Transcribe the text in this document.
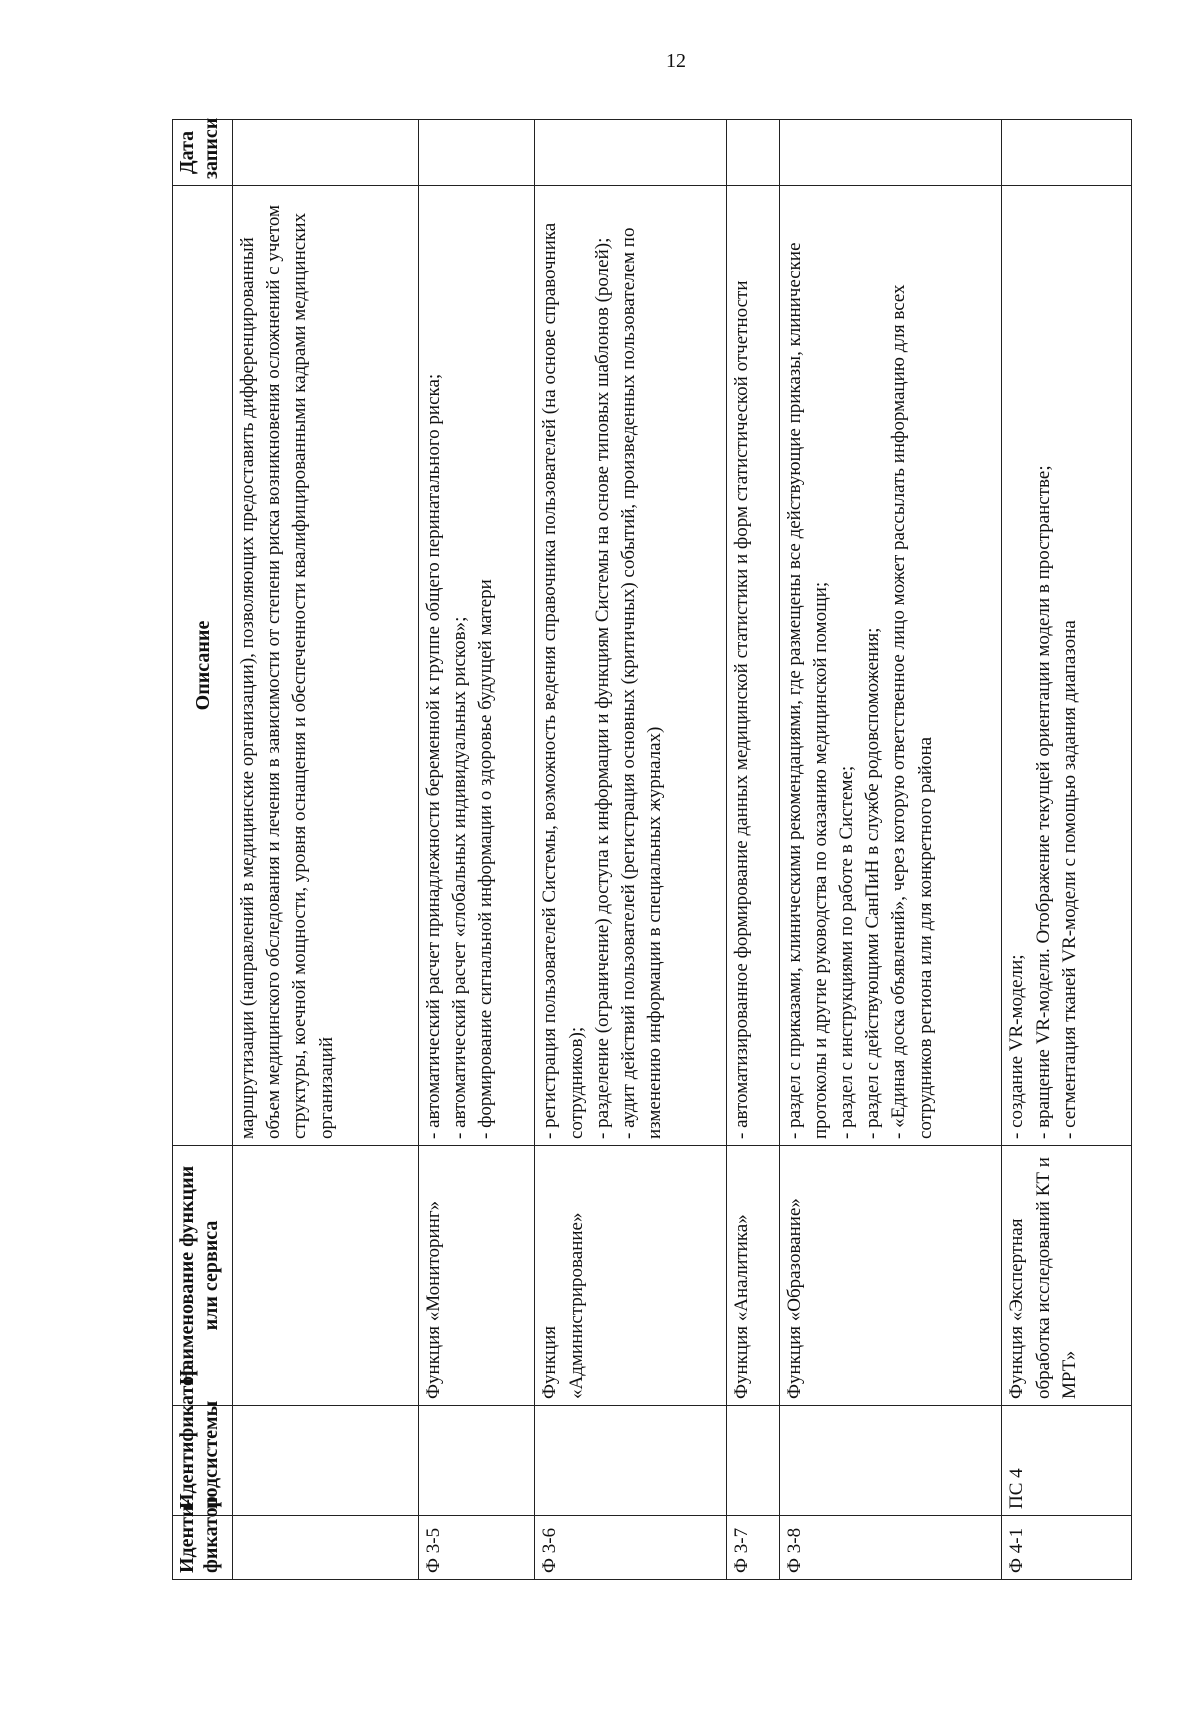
12
Иденти-фикатор	Идентификатор подсистемы	Наименование функции или сервиса	Описание	Дата записи

			маршрутизации (направлений в медицинские организации), позволяющих предоставить дифференцированный объем медицинского обследования и лечения в зависимости от степени риска возникновения осложнений с учетом структуры, коечной мощности, уровня оснащения и обеспеченности квалифицированными кадрами медицинских организаций	

Ф 3-5		Функция «Мониторинг»	- автоматический расчет принадлежности беременной к группе общего перинатального риска; - автоматический расчет «глобальных индивидуальных рисков»; - формирование сигнальной информации о здоровье будущей матери	

Ф 3-6		Функция «Администрирование»	- регистрация пользователей Системы, возможность ведения справочника пользователей (на основе справочника сотрудников); - разделение (ограничение) доступа к информации и функциям Системы на основе типовых шаблонов (ролей); - аудит действий пользователей (регистрация основных (критичных) событий, произведенных пользователем по изменению информации в специальных журналах)	

Ф 3-7		Функция «Аналитика»	- автоматизированное формирование данных медицинской статистики и форм статистической отчетности	

Ф 3-8		Функция «Образование»	- раздел с приказами, клиническими рекомендациями, где размещены все действующие приказы, клинические протоколы и другие руководства по оказанию медицинской помощи; - раздел с инструкциями по работе в Системе; - раздел с действующими СанПиН в службе родовспоможения; - «Единая доска объявлений», через которую ответственное лицо может рассылать информацию для всех сотрудников региона или для конкретного района	

Ф 4-1	ПС 4	Функция «Экспертная обработка исследований КТ и МРТ»	- создание VR-модели; - вращение VR-модели. Отображение текущей ориентации модели в пространстве; - сегментация тканей VR-модели с помощью задания диапазона	
